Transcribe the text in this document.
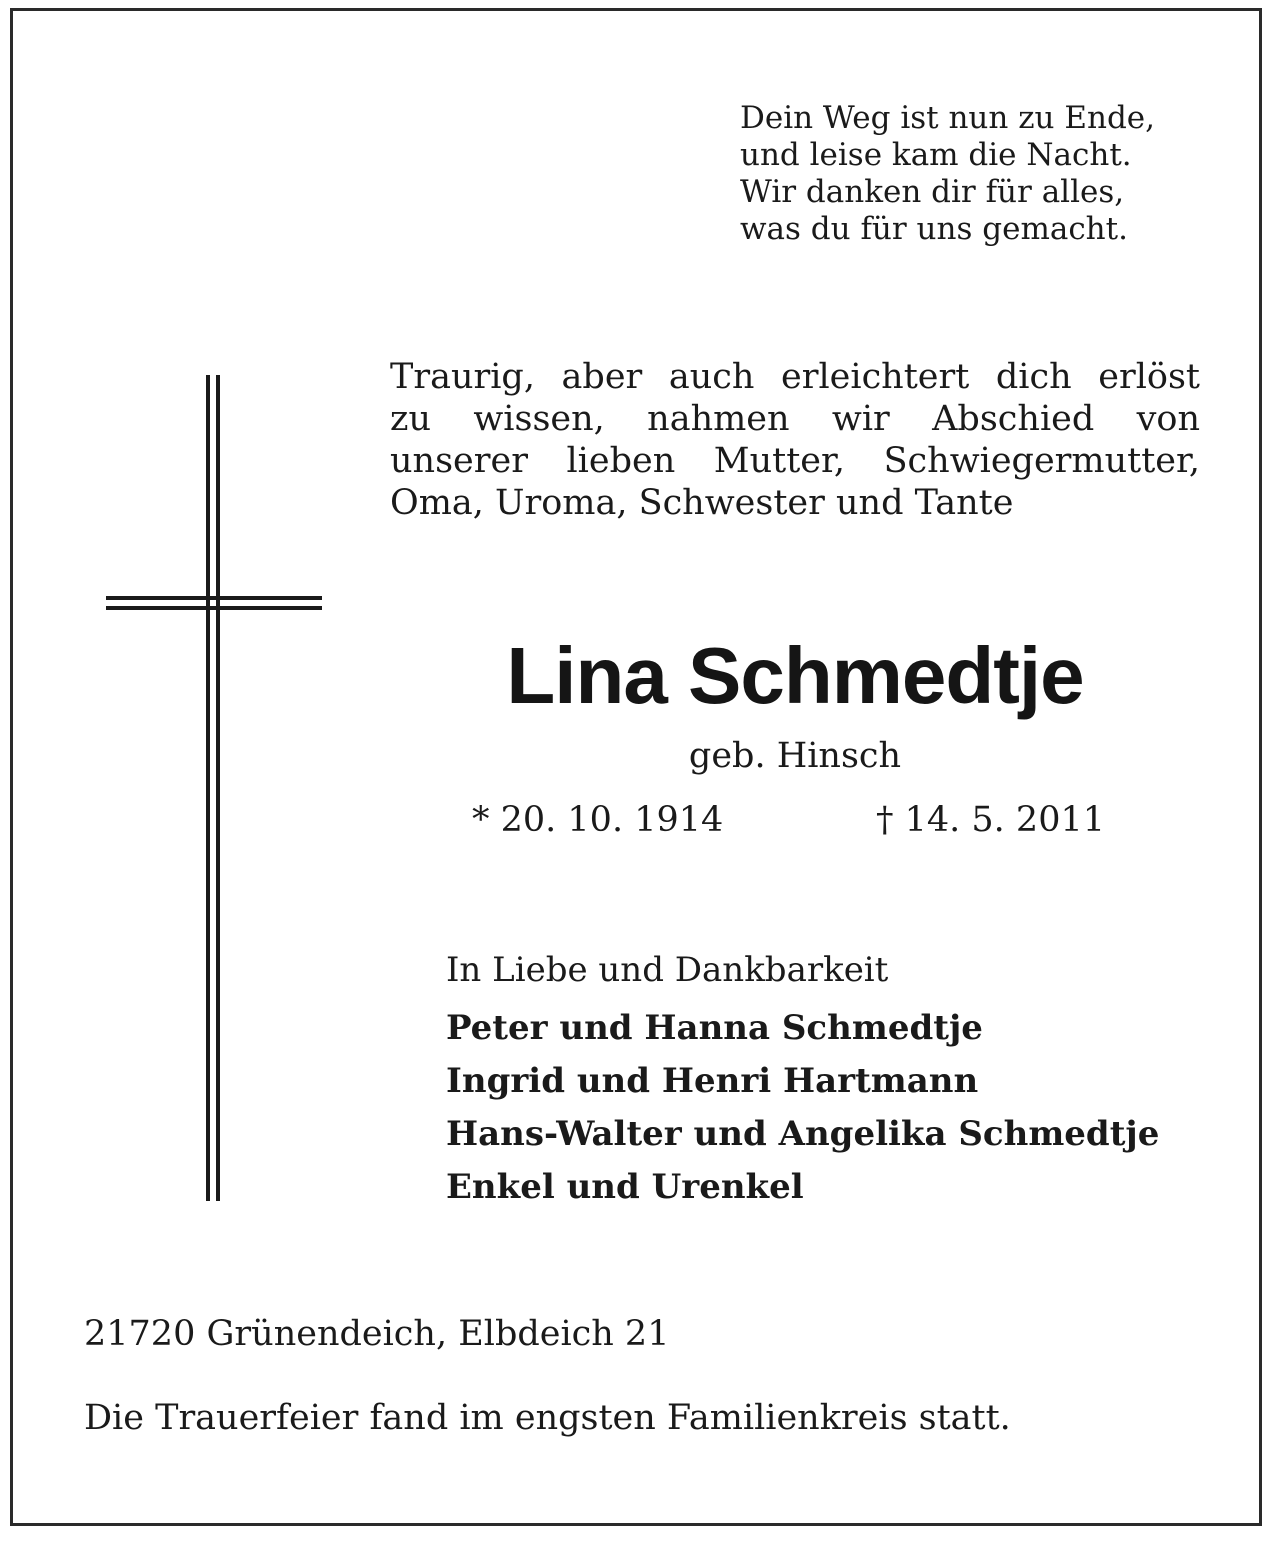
Dein Weg ist nun zu Ende,
und leise kam die Nacht.
Wir danken dir für alles,
was du für uns gemacht.
Traurig, aber auch erleichtert dich erlöst
zu wissen, nahmen wir Abschied von
unserer lieben Mutter, Schwiegermutter,
Oma, Uroma, Schwester und Tante
Lina Schmedtje
geb. Hinsch
* 20. 10. 1914	† 14. 5. 2011
In Liebe und Dankbarkeit
Peter und Hanna Schmedtje
Ingrid und Henri Hartmann
Hans-Walter und Angelika Schmedtje
Enkel und Urenkel
21720 Grünendeich, Elbdeich 21
Die Trauerfeier fand im engsten Familienkreis statt.
